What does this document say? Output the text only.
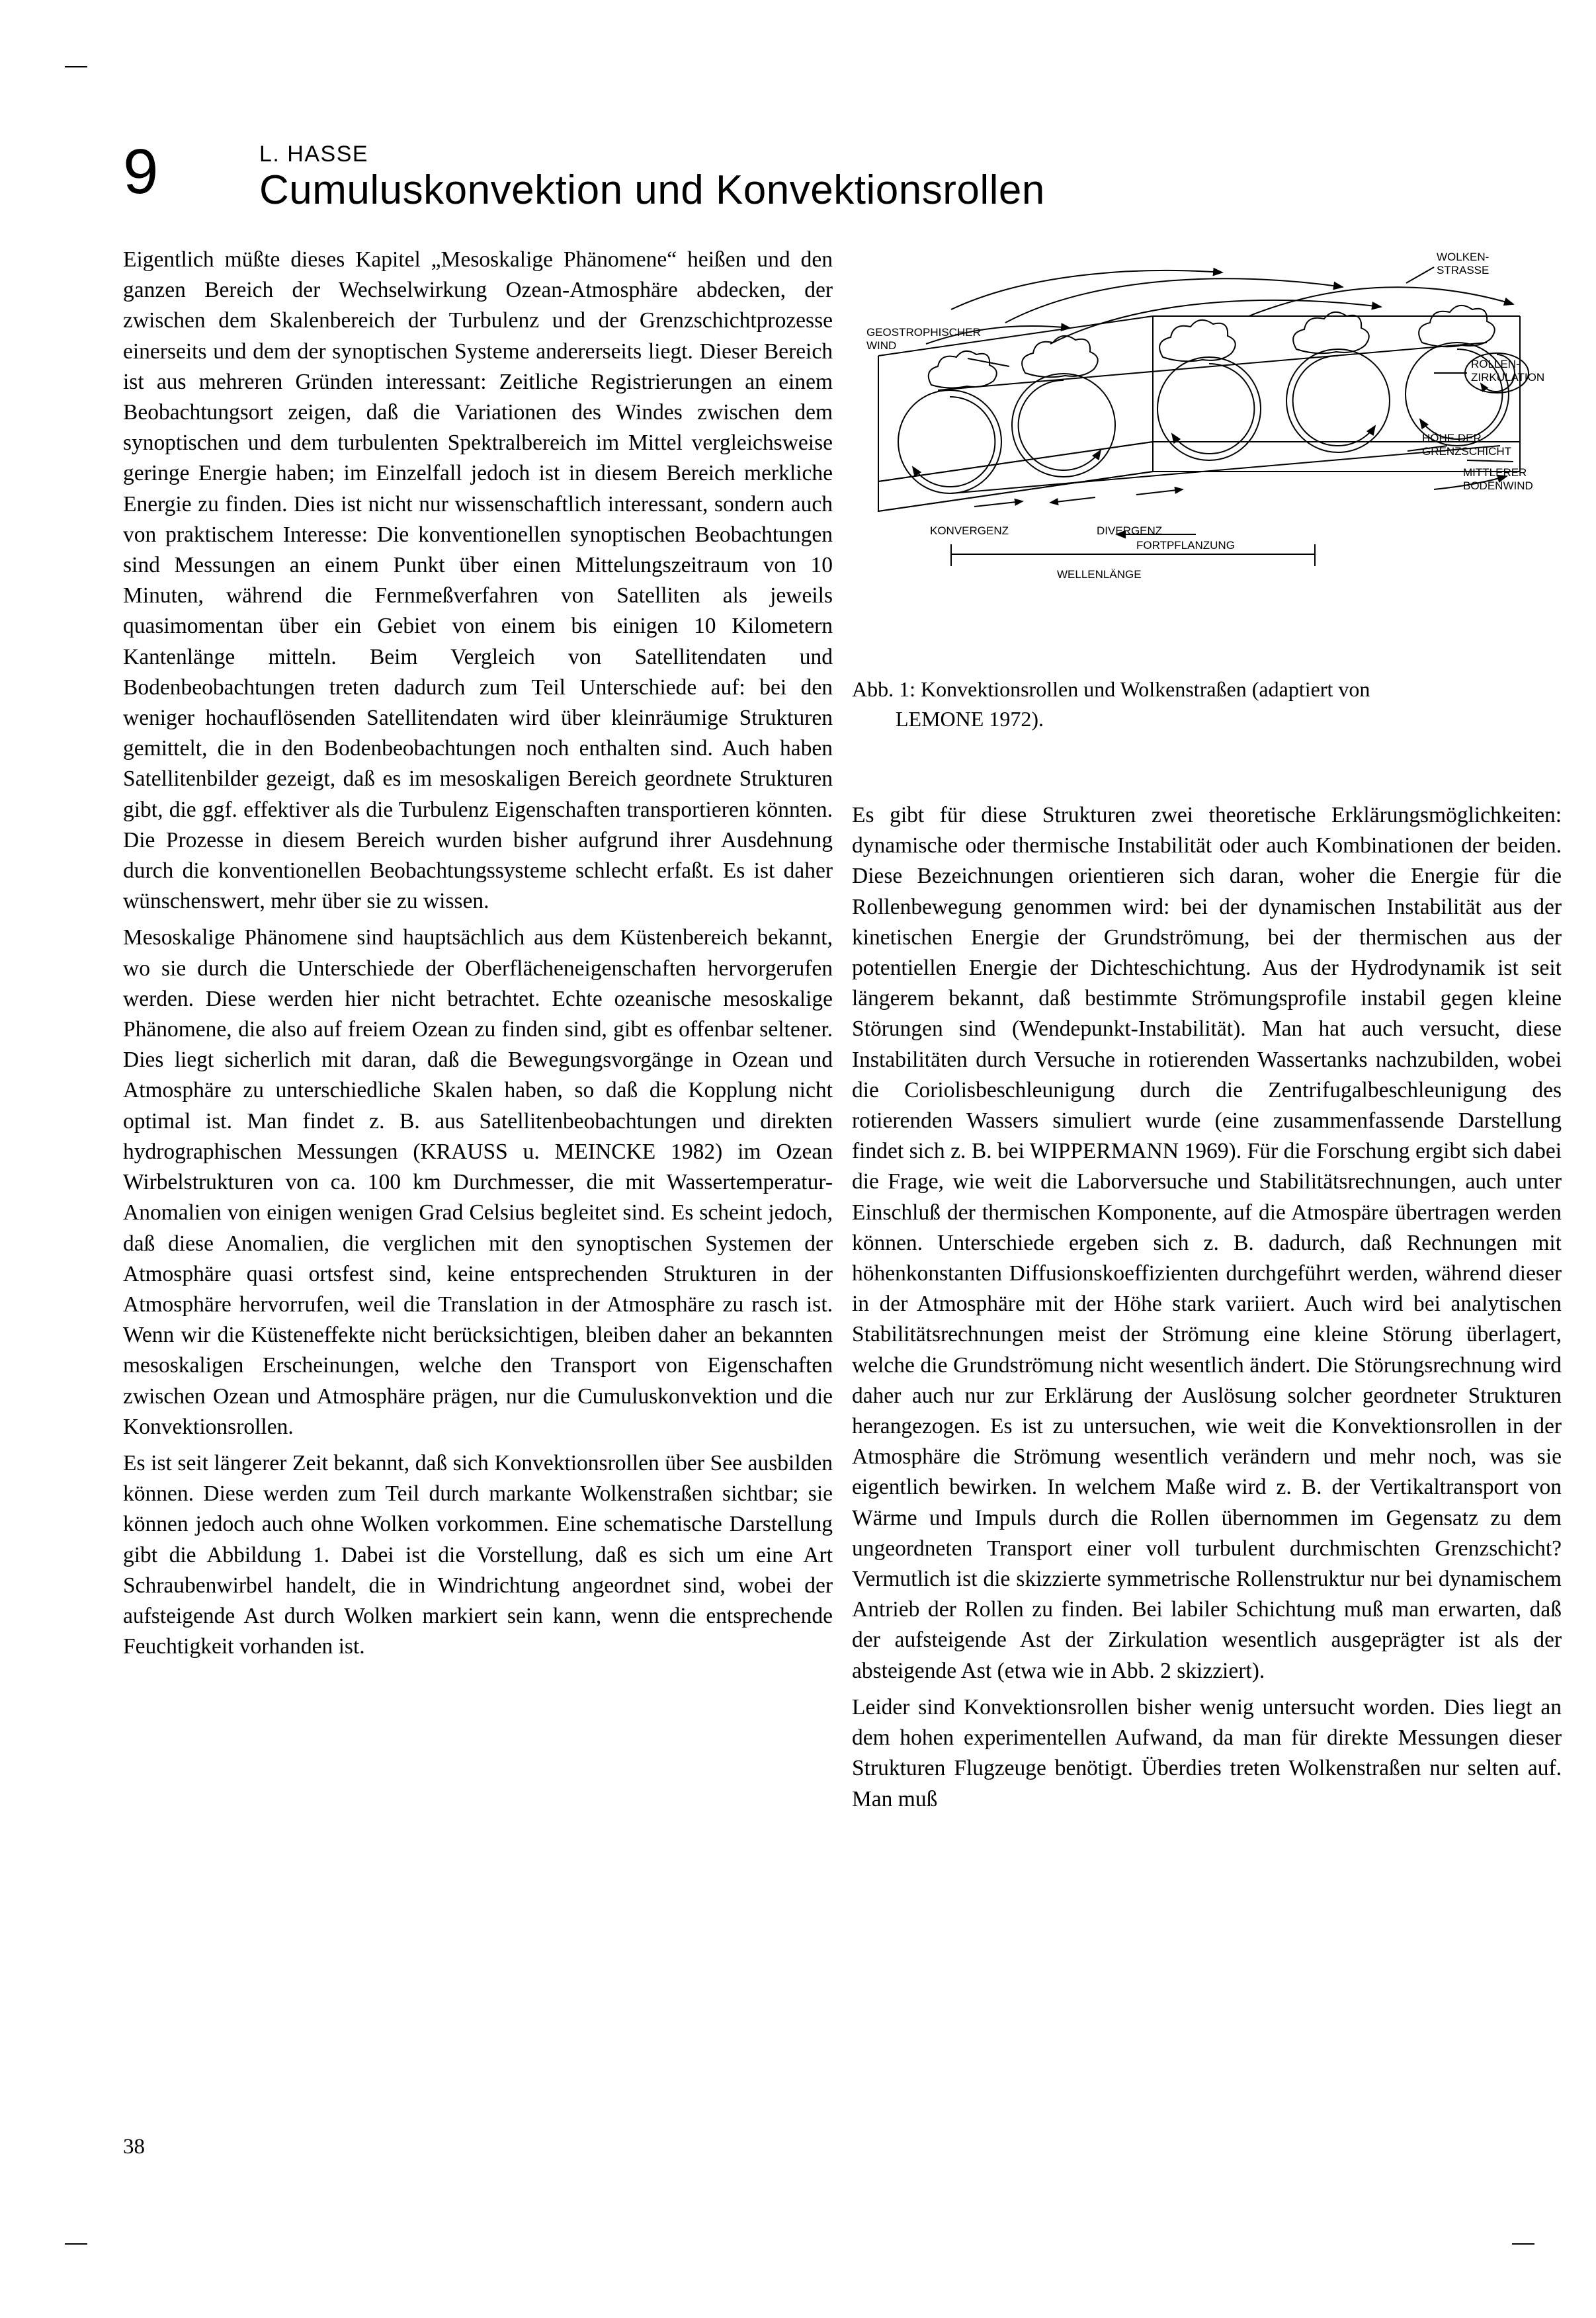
9	L. HASSE
Cumuluskonvektion und Konvektionsrollen

Eigentlich müßte dieses Kapitel „Mesoskalige Phänomene“ heißen und den ganzen Bereich der Wechselwirkung Ozean-Atmosphäre abdecken, der zwischen dem Skalenbereich der Turbulenz und der Grenzschichtprozesse einerseits und dem der synoptischen Systeme andererseits liegt. Dieser Bereich ist aus mehreren Gründen interessant: Zeitliche Registrierungen an einem Beobachtungsort zeigen, daß die Variationen des Windes zwischen dem synoptischen und dem turbulenten Spektralbereich im Mittel vergleichsweise geringe Energie haben; im Einzelfall jedoch ist in diesem Bereich merkliche Energie zu finden. Dies ist nicht nur wissenschaftlich interessant, sondern auch von praktischem Interesse: Die konventionellen synoptischen Beobachtungen sind Messungen an einem Punkt über einen Mittelungszeitraum von 10 Minuten, während die Fernmeßverfahren von Satelliten als jeweils quasimomentan über ein Gebiet von einem bis einigen 10 Kilometern Kantenlänge mitteln. Beim Vergleich von Satellitendaten und Bodenbeobachtungen treten dadurch zum Teil Unterschiede auf: bei den weniger hochauflösenden Satellitendaten wird über kleinräumige Strukturen gemittelt, die in den Bodenbeobachtungen noch enthalten sind. Auch haben Satellitenbilder gezeigt, daß es im mesoskaligen Bereich geordnete Strukturen gibt, die ggf. effektiver als die Turbulenz Eigenschaften transportieren könnten. Die Prozesse in diesem Bereich wurden bisher aufgrund ihrer Ausdehnung durch die konventionellen Beobachtungssysteme schlecht erfaßt. Es ist daher wünschenswert, mehr über sie zu wissen.

Mesoskalige Phänomene sind hauptsächlich aus dem Küstenbereich bekannt, wo sie durch die Unterschiede der Oberflächeneigenschaften hervorgerufen werden. Diese werden hier nicht betrachtet. Echte ozeanische mesoskalige Phänomene, die also auf freiem Ozean zu finden sind, gibt es offenbar seltener. Dies liegt sicherlich mit daran, daß die Bewegungsvorgänge in Ozean und Atmosphäre zu unterschiedliche Skalen haben, so daß die Kopplung nicht optimal ist. Man findet z. B. aus Satellitenbeobachtungen und direkten hydrographischen Messungen (KRAUSS u. MEINCKE 1982) im Ozean Wirbelstrukturen von ca. 100 km Durchmesser, die mit Wassertemperatur-Anomalien von einigen wenigen Grad Celsius begleitet sind. Es scheint jedoch, daß diese Anomalien, die verglichen mit den synoptischen Systemen der Atmosphäre quasi ortsfest sind, keine entsprechenden Strukturen in der Atmosphäre hervorrufen, weil die Translation in der Atmosphäre zu rasch ist. Wenn wir die Küsteneffekte nicht berücksichtigen, bleiben daher an bekannten mesoskaligen Erscheinungen, welche den Transport von Eigenschaften zwischen Ozean und Atmosphäre prägen, nur die Cumuluskonvektion und die Konvektionsrollen.

Es ist seit längerer Zeit bekannt, daß sich Konvektionsrollen über See ausbilden können. Diese werden zum Teil durch markante Wolkenstraßen sichtbar; sie können jedoch auch ohne Wolken vorkommen. Eine schematische Darstellung gibt die Abbildung 1. Dabei ist die Vorstellung, daß es sich um eine Art Schraubenwirbel handelt, die in Windrichtung angeordnet sind, wobei der aufsteigende Ast durch Wolken markiert sein kann, wenn die entsprechende Feuchtigkeit vorhanden ist.

WOLKEN-
STRASSE
GEOSTROPHISCHER
WIND
ROLLEN-
ZIRKULATION
HÖHE DER
GRENZSCHICHT
MITTLERER
BODENWIND
KONVERGENZ	DIVERGENZ
FORTPFLANZUNG
WELLENLÄNGE
Abb. 1: Konvektionsrollen und Wolkenstraßen (adaptiert von
LEMONE 1972).

Es gibt für diese Strukturen zwei theoretische Erklärungsmöglichkeiten: dynamische oder thermische Instabilität oder auch Kombinationen der beiden. Diese Bezeichnungen orientieren sich daran, woher die Energie für die Rollenbewegung genommen wird: bei der dynamischen Instabilität aus der kinetischen Energie der Grundströmung, bei der thermischen aus der potentiellen Energie der Dichteschichtung. Aus der Hydrodynamik ist seit längerem bekannt, daß bestimmte Strömungsprofile instabil gegen kleine Störungen sind (Wendepunkt-Instabilität). Man hat auch versucht, diese Instabilitäten durch Versuche in rotierenden Wassertanks nachzubilden, wobei die Coriolisbeschleunigung durch die Zentrifugalbeschleunigung des rotierenden Wassers simuliert wurde (eine zusammenfassende Darstellung findet sich z. B. bei WIPPERMANN 1969). Für die Forschung ergibt sich dabei die Frage, wie weit die Laborversuche und Stabilitätsrechnungen, auch unter Einschluß der thermischen Komponente, auf die Atmospäre übertragen werden können. Unterschiede ergeben sich z. B. dadurch, daß Rechnungen mit höhenkonstanten Diffusionskoeffizienten durchgeführt werden, während dieser in der Atmosphäre mit der Höhe stark variiert. Auch wird bei analytischen Stabilitätsrechnungen meist der Strömung eine kleine Störung überlagert, welche die Grundströmung nicht wesentlich ändert. Die Störungsrechnung wird daher auch nur zur Erklärung der Auslösung solcher geordneter Strukturen herangezogen. Es ist zu untersuchen, wie weit die Konvektionsrollen in der Atmosphäre die Strömung wesentlich verändern und mehr noch, was sie eigentlich bewirken. In welchem Maße wird z. B. der Vertikaltransport von Wärme und Impuls durch die Rollen übernommen im Gegensatz zu dem ungeordneten Transport einer voll turbulent durchmischten Grenzschicht? Vermutlich ist die skizzierte symmetrische Rollenstruktur nur bei dynamischem Antrieb der Rollen zu finden. Bei labiler Schichtung muß man erwarten, daß der aufsteigende Ast der Zirkulation wesentlich ausgeprägter ist als der absteigende Ast (etwa wie in Abb. 2 skizziert).

Leider sind Konvektionsrollen bisher wenig untersucht worden. Dies liegt an dem hohen experimentellen Aufwand, da man für direkte Messungen dieser Strukturen Flugzeuge benötigt. Überdies treten Wolkenstraßen nur selten auf. Man muß

38
